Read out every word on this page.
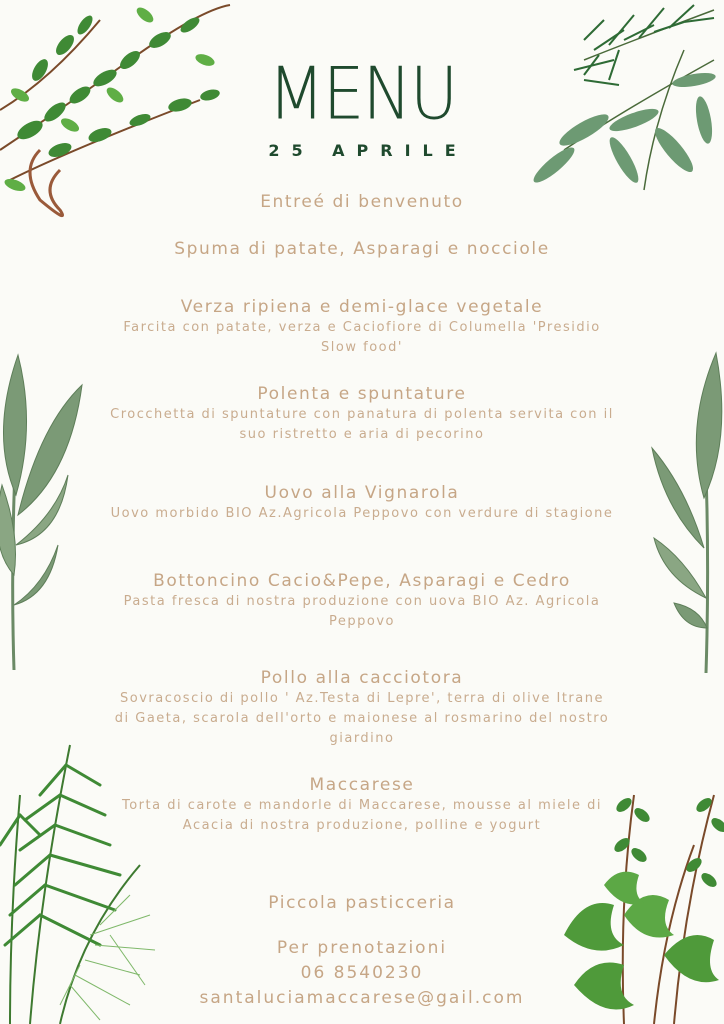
MENU
25 APRILE
Entreé di benvenuto
Spuma di patate, Asparagi e nocciole
Verza ripiena e demi-glace vegetale
Farcita con patate, verza e Caciofiore di Columella 'Presidio Slow food'
Polenta e spuntature
Crocchetta di spuntature con panatura di polenta servita con il suo ristretto e aria di pecorino
Uovo alla Vignarola
Uovo morbido BIO Az.Agricola Peppovo con verdure di stagione
Bottoncino Cacio&Pepe, Asparagi e Cedro
Pasta fresca di nostra produzione con uova BIO Az. Agricola Peppovo
Pollo alla cacciotora
Sovracoscio di pollo ' Az.Testa di Lepre', terra di olive Itrane di Gaeta, scarola dell'orto e maionese al rosmarino del nostro giardino
Maccarese
Torta di carote e mandorle di Maccarese, mousse al miele di Acacia di nostra produzione, polline e yogurt
Piccola pasticceria
Per prenotazioni
06 8540230
santaluciamaccarese@gail.com
